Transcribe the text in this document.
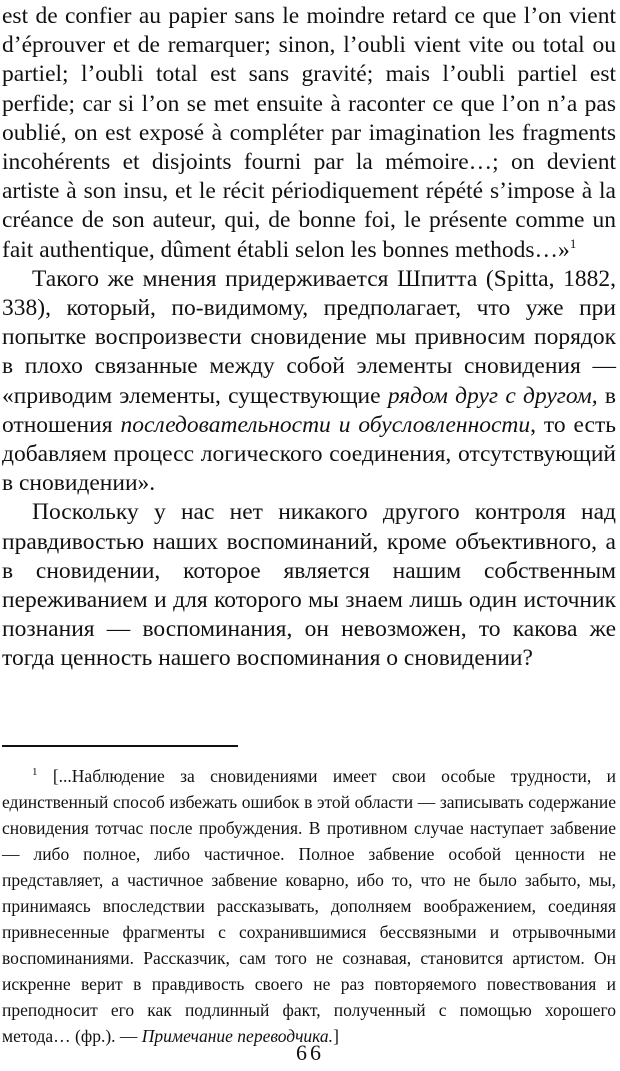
est de confier au papier sans le moindre retard ce que l’on vient d’éprouver et de remarquer; sinon, l’oubli vient vite ou total ou partiel; l’oubli total est sans gravité; mais l’oubli partiel est perfide; car si l’on se met ensuite à raconter ce que l’on n’a pas oublié, on est exposé à compléter par imagination les fragments incohérents et disjoints fourni par la mémoire…; on devient artiste à son insu, et le récit périodiquement répété s’impose à la créance de son auteur, qui, de bonne foi, le présente comme un fait authentique, dûment établi selon les bonnes methods…»$^1$

Такого же мнения придерживается Шпитта (Spitta, 1882, 338), который, по-видимому, предполагает, что уже при попытке воспроизвести сновидение мы привносим порядок в плохо связанные между собой элементы сновидения — «приводим элементы, существующие рядом друг с другом, в отношения последовательности и обусловленности, то есть добавляем процесс логического соединения, отсутствующий в сновидении».

Поскольку у нас нет никакого другого контроля над правдивостью наших воспоминаний, кроме объективного, а в сновидении, которое является нашим собственным переживанием и для которого мы знаем лишь один источник познания — воспоминания, он невозможен, то какова же тогда ценность нашего воспоминания о сновидении?

$^1$ [...Наблюдение за сновидениями имеет свои особые трудности, и единственный способ избежать ошибок в этой области — записывать содержание сновидения тотчас после пробуждения. В противном случае наступает забвение — либо полное, либо частичное. Полное забвение особой ценности не представляет, а частичное забвение коварно, ибо то, что не было забыто, мы, принимаясь впоследствии рассказывать, дополняем воображением, соединяя привнесенные фрагменты с сохранившимися бессвязными и отрывочными воспоминаниями. Рассказчик, сам того не сознавая, становится артистом. Он искренне верит в правдивость своего не раз повторяемого повествования и преподносит его как подлинный факт, полученный с помощью хорошего метода… (фр.). — Примечание переводчика.]
66
